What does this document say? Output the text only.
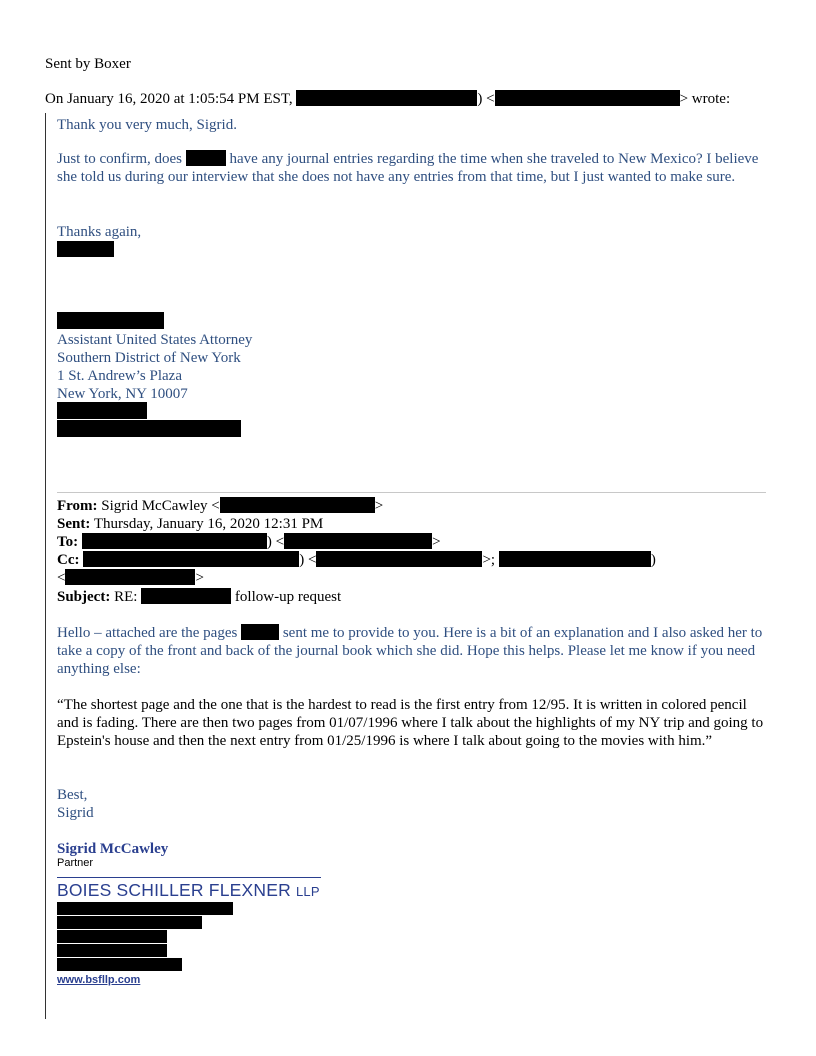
Sent by Boxer
On January 16, 2020 at 1:05:54 PM EST,	) <	> wrote:
Thank you very much, Sigrid.
Just to confirm, does	have any journal entries regarding the time when she traveled to New Mexico? I believe she told us during our interview that she does not have any entries from that time, but I just wanted to make sure.
Thanks again,
Assistant United States Attorney
Southern District of New York
1 St. Andrew’s Plaza
New York, NY 10007
From: Sigrid McCawley <	>
Sent: Thursday, January 16, 2020 12:31 PM
To:	) <	>
Cc:	) <	>;	)
<	>
Subject: RE:	follow-up request
Hello – attached are the pages	sent me to provide to you. Here is a bit of an explanation and I also asked her to take a copy of the front and back of the journal book which she did. Hope this helps. Please let me know if you need anything else:
“The shortest page and the one that is the hardest to read is the first entry from 12/95. It is written in colored pencil and is fading. There are then two pages from 01/07/1996 where I talk about the highlights of my NY trip and going to Epstein's house and then the next entry from 01/25/1996 is where I talk about going to the movies with him.”
Best,
Sigrid
Sigrid McCawley
Partner
BOIES SCHILLER FLEXNER LLP
www.bsfllp.com
